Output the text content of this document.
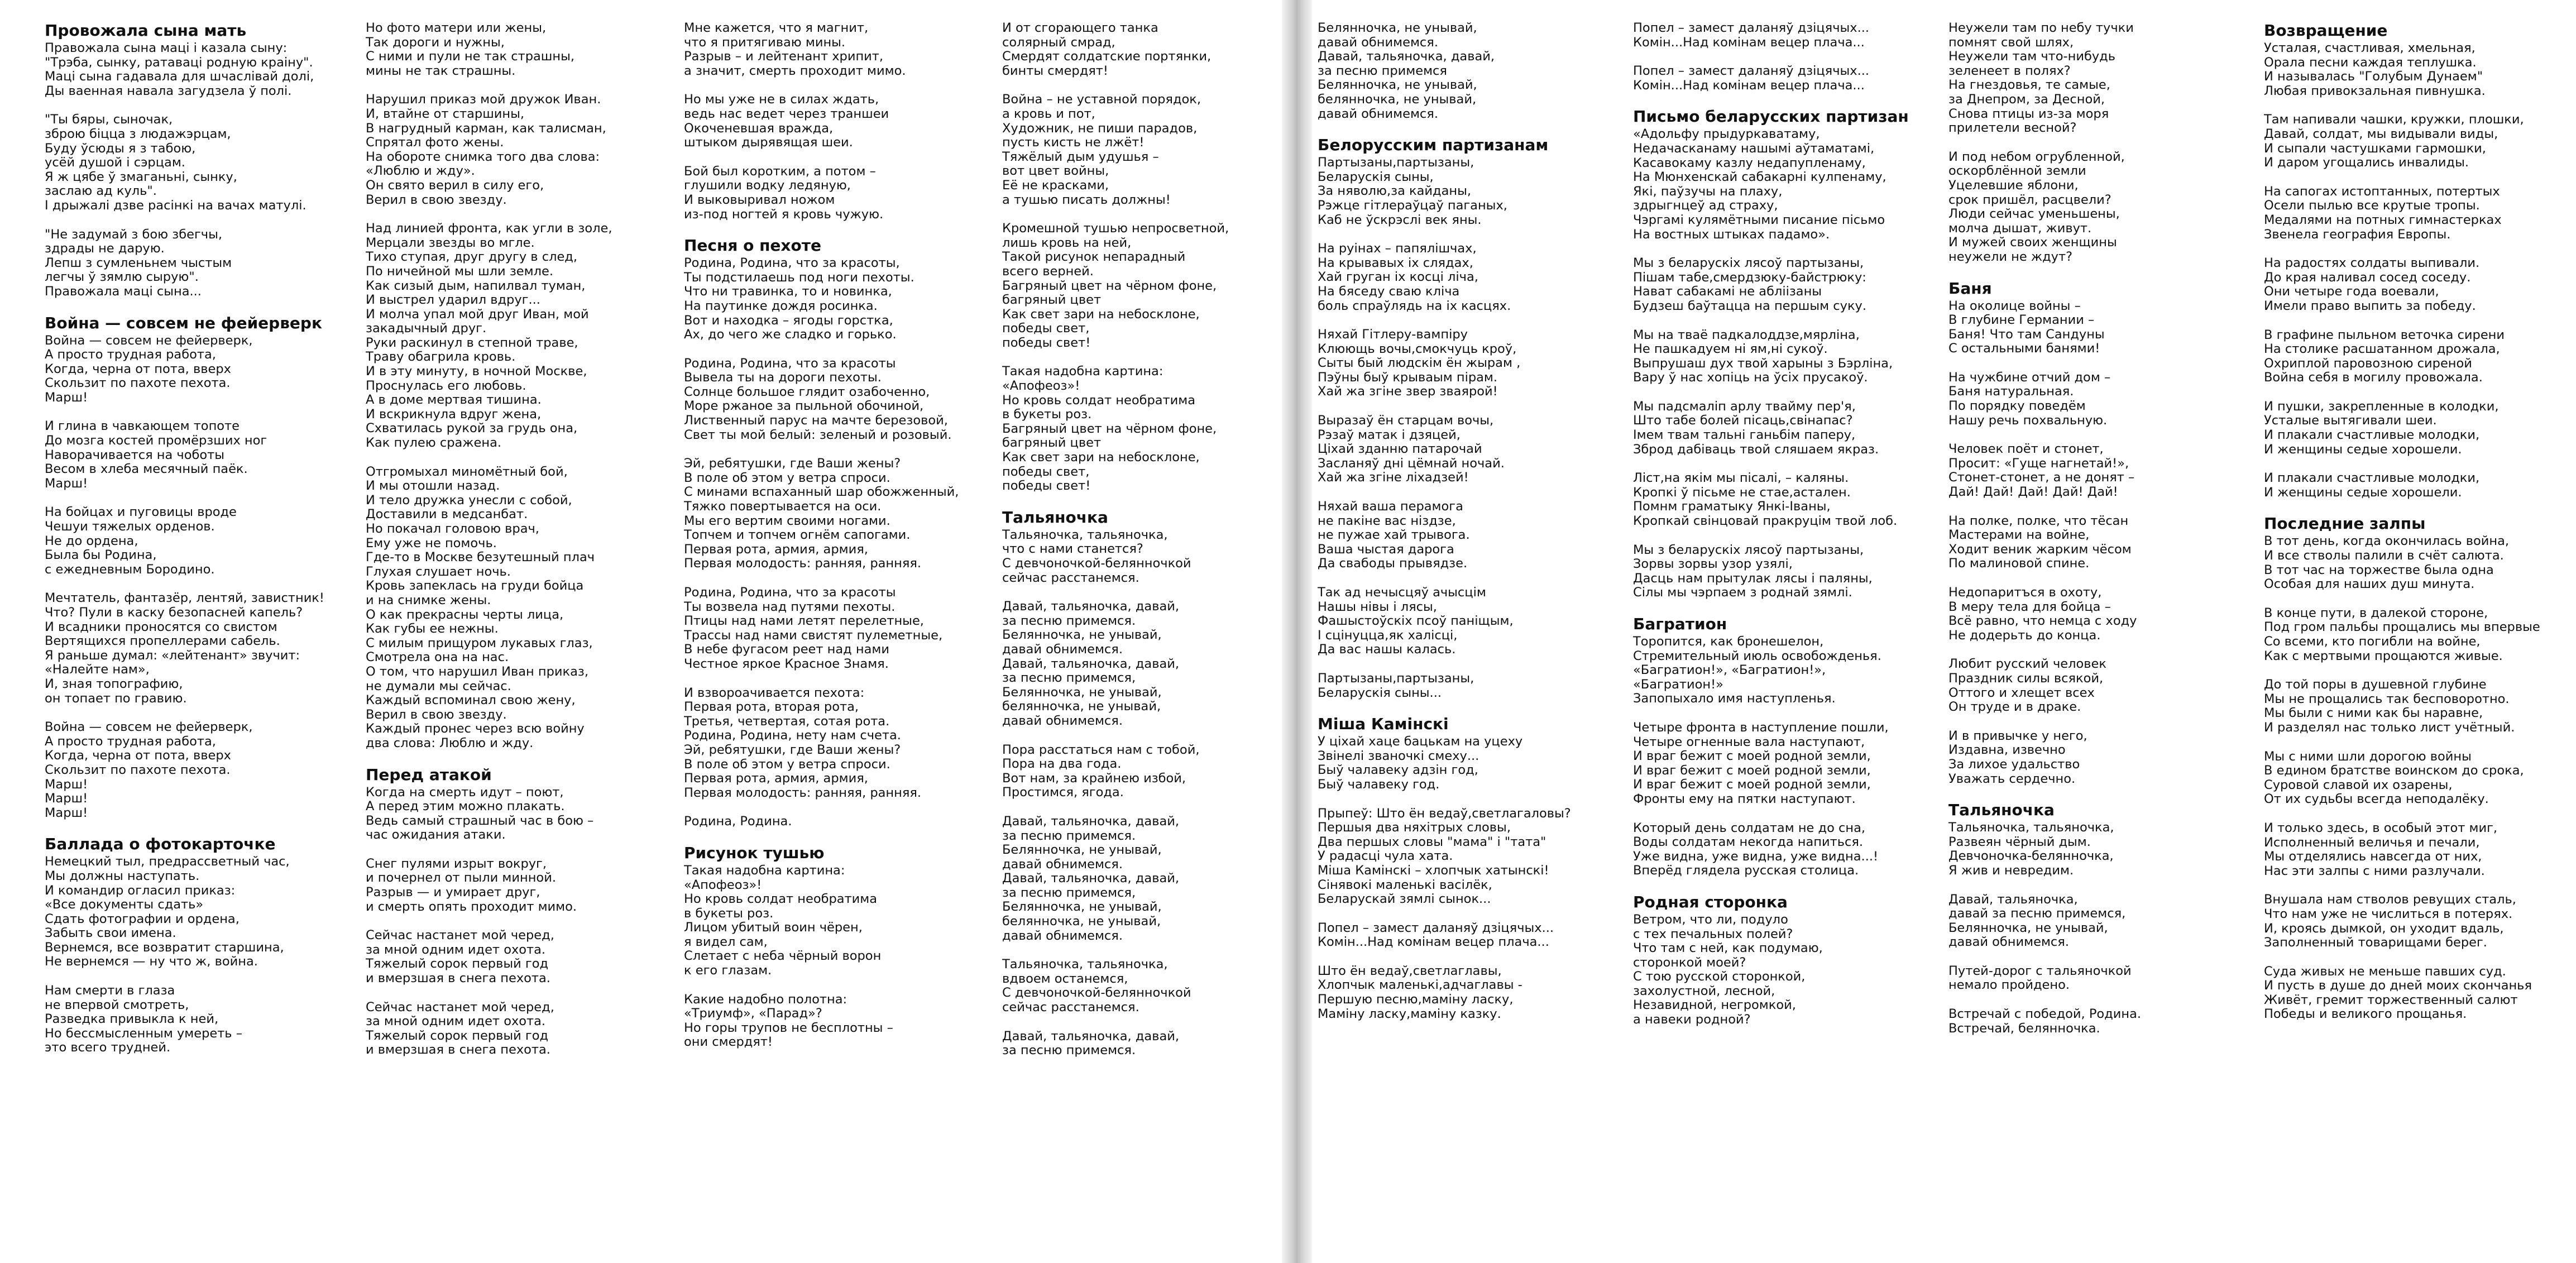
Провожала сына мать
Правожала сына маці і казала сыну:
"Трэба, сынку, ратаваці родную краіну".
Маці сына гадавала для шчаслівай долі,
Ды ваенная навала загудзела ў полі.
"Ты бяры, сыночак,
зброю біцца з людажэрцам,
Буду ўсюды я з табою,
усёй душой і сэрцам.
Я ж цябе ў змаганьні, сынку,
заслаю ад куль".
І дрыжалі дзве расінкі на вачах матулі.
"Не задумай з бою збегчы,
здрады не дарую.
Лепш з сумленьнем чыстым
легчы ў зямлю сырую".
Правожала маці сына...
Война — совсем не фейерверк
Война — совсем не фейерверк,
А просто трудная работа,
Когда, черна от пота, вверх
Скользит по пахоте пехота.
Марш!
И глина в чавкающем топоте
До мозга костей промёрзших ног
Наворачивается на чоботы
Весом в хлеба месячный паёк.
Марш!
На бойцах и пуговицы вроде
Чешуи тяжелых орденов.
Не до ордена,
Была бы Родина,
с ежедневным Бородино.
Мечтатель, фантазёр, лентяй, завистник!
Что? Пули в каску безопасней капель?
И всадники проносятся со свистом
Вертящихся пропеллерами сабель.
Я раньше думал: «лейтенант» звучит:
«Налейте нам»,
И, зная топографию,
он топает по гравию.
Война — совсем не фейерверк,
А просто трудная работа,
Когда, черна от пота, вверх
Скользит по пахоте пехота.
Марш!
Марш!
Марш!
Баллада о фотокарточке
Немецкий тыл, предрассветный час,
Мы должны наступать.
И командир огласил приказ:
«Все документы сдать»
Сдать фотографии и ордена,
Забыть свои имена.
Вернемся, все возвратит старшина,
Не вернемся — ну что ж, война.
Нам смерти в глаза
не впервой смотреть,
Разведка привыкла к ней,
Но бессмысленным умереть –
это всего трудней.
Но фото матери или жены,
Так дороги и нужны,
С ними и пули не так страшны,
мины не так страшны.
Нарушил приказ мой дружок Иван.
И, втайне от старшины,
В нагрудный карман, как талисман,
Спрятал фото жены.
На обороте снимка того два слова:
«Люблю и жду».
Он свято верил в силу его,
Верил в свою звезду.
Над линией фронта, как угли в золе,
Мерцали звезды во мгле.
Тихо ступая, друг другу в след,
По ничейной мы шли земле.
Как сизый дым, напилвал туман,
И выстрел ударил вдруг...
И молча упал мой друг Иван, мой
закадычный друг.
Руки раскинул в степной траве,
Траву обагрила кровь.
И в эту минуту, в ночной Москве,
Проснулась его любовь.
А в доме мертвая тишина.
И вскрикнула вдруг жена,
Схватилась рукой за грудь она,
Как пулею сражена.
Отгромыхал миномётный бой,
И мы отошли назад.
И тело дружка унесли с собой,
Доставили в медсанбат.
Но покачал головою врач,
Ему уже не помочь.
Где-то в Москве безутешный плач
Глухая слушает ночь.
Кровь запеклась на груди бойца
и на снимке жены.
О как прекрасны черты лица,
Как губы ее нежны.
С милым прищуром лукавых глаз,
Смотрела она на нас.
О том, что нарушил Иван приказ,
не думали мы сейчас.
Каждый вспоминал свою жену,
Верил в свою звезду.
Каждый пронес через всю войну
два слова: Люблю и жду.
Перед атакой
Когда на смерть идут – поют,
А перед этим можно плакать.
Ведь самый страшный час в бою –
час ожидания атаки.
Снег пулями изрыт вокруг,
и почернел от пыли минной.
Разрыв — и умирает друг,
и смерть опять проходит мимо.
Сейчас настанет мой черед,
за мной одним идет охота.
Тяжелый сорок первый год
и вмерзшая в снега пехота.
Сейчас настанет мой черед,
за мной одним идет охота.
Тяжелый сорок первый год
и вмерзшая в снега пехота.
Мне кажется, что я магнит,
что я притягиваю мины.
Разрыв – и лейтенант хрипит,
а значит, смерть проходит мимо.
Но мы уже не в силах ждать,
ведь нас ведет через траншеи
Окоченевшая вражда,
штыком дырявящая шеи.
Бой был коротким, а потом –
глушили водку ледяную,
И выковыривал ножом
из-под ногтей я кровь чужую.
Песня о пехоте
Родина, Родина, что за красоты,
Ты подстилаешь под ноги пехоты.
Что ни травинка, то и новинка,
На паутинке дождя росинка.
Вот и находка – ягоды горстка,
Ах, до чего же сладко и горько.
Родина, Родина, что за красоты
Вывела ты на дороги пехоты.
Солнце большое глядит озабоченно,
Море ржаное за пыльной обочиной,
Лиственный парус на мачте березовой,
Свет ты мой белый: зеленый и розовый.
Эй, ребятушки, где Ваши жены?
В поле об этом у ветра спроси.
С минами вспаханный шар обожженный,
Тяжко повертывается на оси.
Мы его вертим своими ногами.
Топчем и топчем огнём сапогами.
Первая рота, армия, армия,
Первая молодость: ранняя, ранняя.
Родина, Родина, что за красоты
Ты возвела над путями пехоты.
Птицы над нами летят перелетные,
Трассы над нами свистят пулеметные,
В небе фугасом реет над нами
Честное яркое Красное Знамя.
И взвороачивается пехота:
Первая рота, вторая рота,
Третья, четвертая, сотая рота.
Родина, Родина, нету нам счета.
Эй, ребятушки, где Ваши жены?
В поле об этом у ветра спроси.
Первая рота, армия, армия,
Первая молодость: ранняя, ранняя.
Родина, Родина.
Рисунок тушью
Такая надобна картина:
«Апофеоз»!
Но кровь солдат необратима
в букеты роз.
Лицом убитый воин чёрен,
я видел сам,
Слетает с неба чёрный ворон
к его глазам.
Какие надобно полотна:
«Триумф», «Парад»?
Но горы трупов не бесплотны –
они смердят!
И от сгорающего танка
солярный смрад,
Смердят солдатские портянки,
бинты смердят!
Война – не уставной порядок,
а кровь и пот,
Художник, не пиши парадов,
пусть кисть не лжёт!
Тяжёлый дым удушья –
вот цвет войны,
Её не красками,
а тушью писать должны!
Кромешной тушью непросветной,
лишь кровь на ней,
Такой рисунок непарадный
всего верней.
Багряный цвет на чёрном фоне,
багряный цвет
Как свет зари на небосклоне,
победы свет,
победы свет!
Такая надобна картина:
«Апофеоз»!
Но кровь солдат необратима
в букеты роз.
Багряный цвет на чёрном фоне,
багряный цвет
Как свет зари на небосклоне,
победы свет,
победы свет!
Тальяночка
Тальяночка, тальяночка,
что с нами станется?
С девчоночкой-белянночкой
сейчас расстанемся.
Давай, тальяночка, давай,
за песню примемся.
Белянночка, не унывай,
давай обнимемся.
Давай, тальяночка, давай,
за песню примемся,
Белянночка, не унывай,
белянночка, не унывай,
давай обнимемся.
Пора расстаться нам с тобой,
Пора на два года.
Вот нам, за крайнею избой,
Простимся, ягода.
Давай, тальяночка, давай,
за песню примемся.
Белянночка, не унывай,
давай обнимемся.
Давай, тальяночка, давай,
за песню примемся,
Белянночка, не унывай,
белянночка, не унывай,
давай обнимемся.
Тальяночка, тальяночка,
вдвоем останемся,
С девчоночкой-белянночкой
сейчас расстанемся.
Давай, тальяночка, давай,
за песню примемся.
Белянночка, не унывай,
давай обнимемся.
Давай, тальяночка, давай,
за песню примемся
Белянночка, не унывай,
белянночка, не унывай,
давай обнимемся.
Белорусским партизанам
Партызаны,партызаны,
Беларускія сыны,
За няволю,за кайданы,
Рэжце гітлераўцаў паганых,
Каб не ўскрэслі век яны.
На руінах – папялішчах,
На крывавых іх слядах,
Хай груган іх косці ліча,
На бяседу сваю кліча
боль спраўлядь на іх касцях.
Няхай Гітлеру-вампіру
Клюющь вочы,смокчуць кроў,
Сыты бый людскім ён жырам ,
Пэўны быў крываым пірам.
Хай жа згіне звер зваярой!
Выразаў ён старцам вочы,
Рэзаў матак і дзяцей,
Ціхай зданню патарочай
Засланяў дні цёмнай ночай.
Хай жа згіне ліхадзей!
Няхай ваша перамога
не пакіне вас ніздзе,
не пужае хай трывога.
Ваша чыстая дарога
Да свабоды прывядзе.
Так ад нечысцяў ачысцім
Нашы нівы і лясы,
Фашыстоўскіх псоў паніщым,
І сцінуцца,як халісці,
Да вас нашы калась.
Партызаны,партызаны,
Беларускія сыны...
Міша Камінскі
У ціхай хаце бацькам на уцеху
Звінелі званочкі смеху...
Быў чалавеку адзін год,
Быў чалавеку год.
Прыпеў: Што ён ведаў,светлагаловы?
Першыя два няхітрых словы,
Два першых словы "мама" і "тата"
У радасці чула хата.
Міша Камінскі – хлопчык хатынскі!
Сінявокі маленькі васілёк,
Беларускай зямлі сынок...
Попел – замест даланяў дзіцячых...
Комін...Над комінам вецер плача...
Што ён ведаў,светлаглавы,
Хлопчык маленькі,адчаглавы -
Першую песню,маміну ласку,
Маміну ласку,маміну казку.
Попел – замест даланяў дзіцячых...
Комін...Над комінам вецер плача...
Попел – замест даланяў дзіцячых...
Комін...Над комінам вецер плача...
Письмо беларусских партизан
«Адольфу прыдуркаватаму,
Недачасканаму нашымі аўтаматамі,
Касавокаму казлу недапупленаму,
На Мюнхенскай сабакарні кулпенаму,
Які, паўзучы на плаху,
здрыгнцеў ад страху,
Чэргамі кулямётными писание пісьмо
На востных штыках падамо».
Мы з беларускіх лясоў партызаны,
Пішам табе,смердзюку-байстрюку:
Нават сабакамі не абліізаны
Будзеш баўтацца на першым суку.
Мы на тваё падкалоддзе,мярліна,
Не пашкадуем ні ям,ні сукоў.
Выпрушаш дух твой харыны з Бэрліна,
Вару ў нас хопіць на ўсіх прусакоў.
Мы падсмаліп арлу тваймy пер'я,
Што табе болей пісаць,свінапас?
Імем твам тальні ганьбім паперу,
Зброд дабіваць твой сляшаем якраз.
Ліст,на якім мы пісалі, – каляны.
Кропкі ў пісьме не стае,астален.
Помнм граматыку Янкі-Іваны,
Кропкай свінцовай пракруцім твой лоб.
Мы з беларускіх лясоў партызаны,
Зорвы зорвы узор узялі,
Дасць нам прытулак лясы і паляны,
Сілы мы чэрпаем з роднай зямлі.
Багратион
Торопится, как бронешелон,
Стремительный июль освобожденья.
«Багратион!», «Багратион!»,
«Багратион!»
Запопыхало имя наступленья.
Четыре фронта в наступление пошли,
Четыре огненные вала наступают,
И враг бежит с моей родной земли,
И враг бежит с моей родной земли,
И враг бежит с моей родной земли,
Фронты ему на пятки наступают.
Который день солдатам не до сна,
Воды солдатам некогда напиться.
Уже видна, уже видна, уже видна...!
Вперёд глядела русская столица.
Родная сторонка
Ветром, что ли, подуло
с тех печальных полей?
Что там с ней, как подумаю,
сторонкой моей?
С тою русской сторонкой,
захолустной, лесной,
Незавидной, негромкой,
а навеки родной?
Неужели там по небу тучки
помнят свой шлях,
Неужели там что-нибудь
зеленеет в полях?
На гнездовья, те самые,
за Днепром, за Десной,
Снова птицы из-за моря
прилетели весной?
И под небом огрубленной,
оскорблённой земли
Уцелевшие яблони,
срок пришёл, расцвели?
Люди сейчас уменьшены,
молча дышат, живут.
И мужей своих женщины
неужели не ждут?
Баня
На околице войны –
В глубине Германии –
Баня! Что там Сандуны
С остальными банями!
На чужбине отчий дом –
Баня натуральная.
По порядку поведём
Нашу речь похвальную.
Человек поёт и стонет,
Просит: «Гуще нагнетай!»,
Стонет-стонет, а не донят –
Дай! Дай! Дай! Дай! Дай!
На полке, полке, что тёсан
Мастерами на войне,
Ходит веник жарким чёсом
По малиновой спине.
Недопаритъся в охоту,
В меру тела для бойца –
Всё равно, что немца с ходу
Не додерьть до конца.
Любит русский человек
Праздник силы всякой,
Оттого и хлещет всех
Он труде и в драке.
И в привычке у него,
Издавна, извечно
За лихое удальство
Уважать сердечно.
Тальяночка
Тальяночка, тальяночка,
Развеян чёрный дым.
Девчоночка-белянночка,
Я жив и невредим.
Давай, тальяночка,
давай за песню примемся,
Белянночка, не унывай,
давай обнимемся.
Путей-дорог с тальяночкой
немало пройдено.
Встречай с победой, Родина.
Встречай, белянночка.
Возвращение
Усталая, счастливая, хмельная,
Орала песни каждая теплушка.
И называлась "Голубым Дунаем"
Любая привокзальная пивнушка.
Там напивали чашки, кружки, плошки,
Давай, солдат, мы видывали виды,
И сыпали частушками гармошки,
И даром угощались инвалиды.
На сапогах истоптанных, потертых
Осели пылью все крутые тропы.
Медалями на потных гимнастерках
Звенела география Европы.
На радостях солдаты выпивали.
До края наливал сосед соседу.
Они четыре года воевали,
Имели право выпить за победу.
В графине пыльном веточка сирени
На столике расшатанном дрожала,
Охриплой паровозною сиреной
Война себя в могилу провожала.
И пушки, закрепленные в колодки,
Усталые вытягивали шеи.
И плакали счастливые молодки,
И женщины седые хорошели.
И плакали счастливые молодки,
И женщины седые хорошели.
Последние залпы
В тот день, когда окончилась война,
И все стволы палили в счёт салюта.
В тот час на торжестве была одна
Особая для наших душ минута.
В конце пути, в далекой стороне,
Под гром пальбы прощались мы впервые
Со всеми, кто погибли на войне,
Как с мертвыми прощаются живые.
До той поры в душевной глубине
Мы не прощались так бесповоротно.
Мы были с ними как бы наравне,
И разделял нас только лист учётный.
Мы с ними шли дорогою войны
В едином братстве воинском до срока,
Суровой славой их озарены,
От их судьбы всегда неподалёку.
И только здесь, в особый этот миг,
Исполненный величья и печали,
Мы отделялись навсегда от них,
Нас эти залпы с ними разлучали.
Внушала нам стволов ревущих сталь,
Что нам уже не числиться в потерях.
И, кроясь дымкой, он уходит вдаль,
Заполненный товарищами берег.
Суда живых не меньше павших суд.
И пусть в душе до дней моих скончанья
Живёт, гремит торжественный салют
Победы и великого прощанья.
